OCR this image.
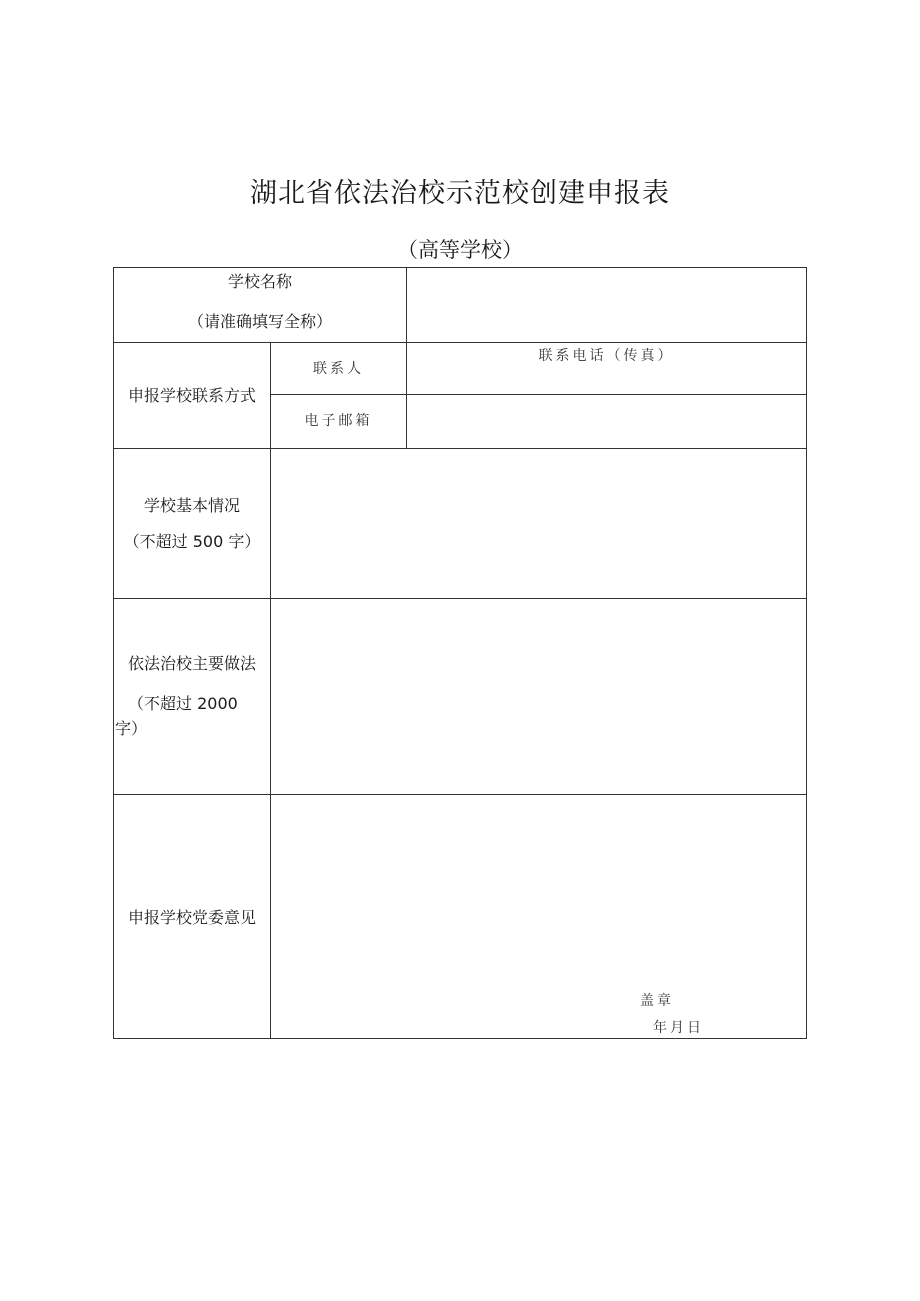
湖北省依法治校示范校创建申报表
（高等学校）
学校名称
（请准确填写全称）
申报学校联系方式
联系人
联系电话（传真）
电子邮箱
学校基本情况
（不超过 500 字）
依法治校主要做法
（不超过 2000
字）
申报学校党委意见
盖章
年月日
